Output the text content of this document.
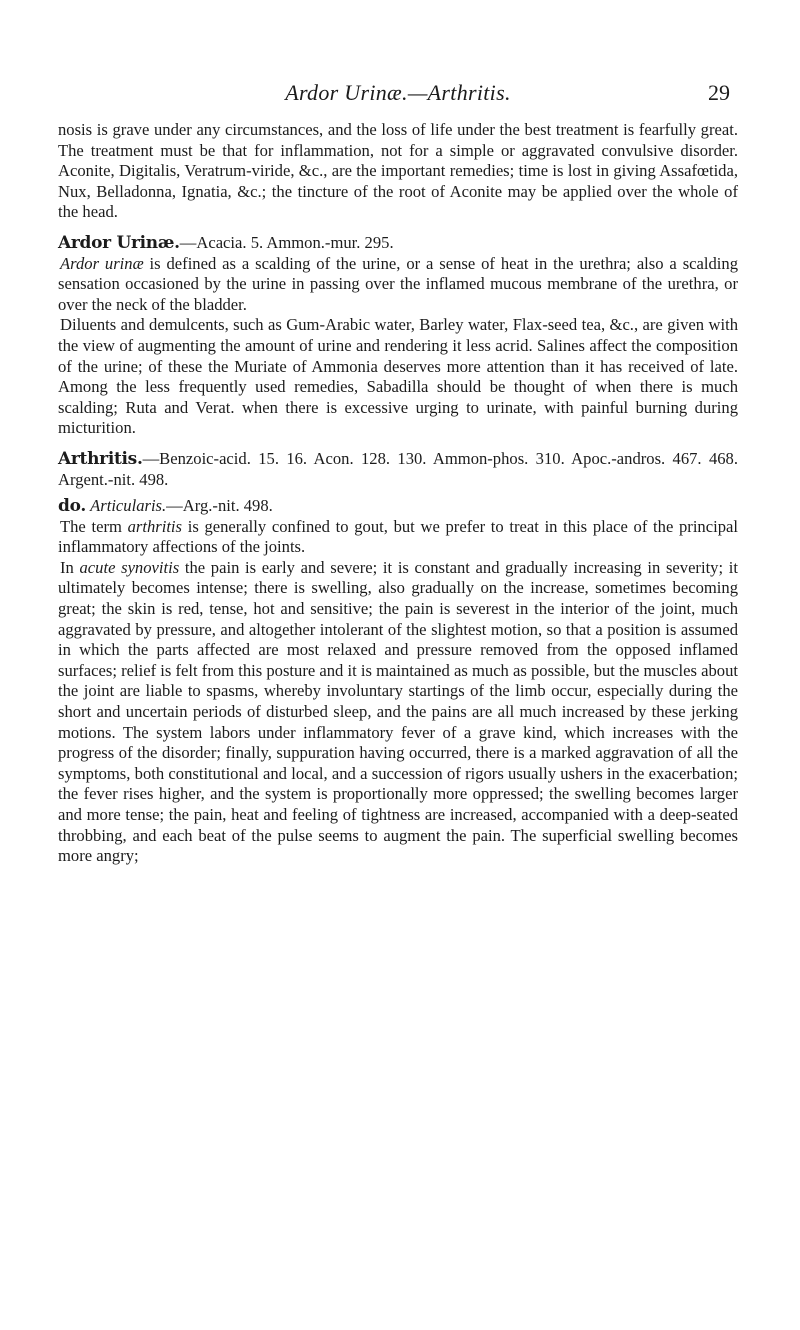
Ardor Urinæ.—Arthritis.	29

nosis is grave under any circumstances, and the loss of life under the best treatment is fearfully great. The treatment must be that for inflammation, not for a simple or aggravated convulsive disorder. Aconite, Digitalis, Veratrum-viride, &c., are the important remedies; time is lost in giving Assafœtida, Nux, Belladonna, Ignatia, &c.; the tincture of the root of Aconite may be applied over the whole of the head.

Ardor Urinæ.—Acacia. 5. Ammon.-mur. 295.

Ardor urinæ is defined as a scalding of the urine, or a sense of heat in the urethra; also a scalding sensation occasioned by the urine in passing over the inflamed mucous membrane of the urethra, or over the neck of the bladder.

Diluents and demulcents, such as Gum-Arabic water, Barley water, Flax-seed tea, &c., are given with the view of augmenting the amount of urine and rendering it less acrid. Salines affect the composition of the urine; of these the Muriate of Ammonia deserves more attention than it has received of late. Among the less frequently used remedies, Sabadilla should be thought of when there is much scalding; Ruta and Verat. when there is excessive urging to urinate, with painful burning during micturition.

Arthritis.—Benzoic-acid. 15. 16. Acon. 128. 130. Ammon-phos. 310. Apoc.-andros. 467. 468. Argent.-nit. 498.

do. Articularis.—Arg.-nit. 498.

The term arthritis is generally confined to gout, but we prefer to treat in this place of the principal inflammatory affections of the joints.

In acute synovitis the pain is early and severe; it is constant and gradually increasing in severity; it ultimately becomes intense; there is swelling, also gradually on the increase, sometimes becoming great; the skin is red, tense, hot and sensitive; the pain is severest in the interior of the joint, much aggravated by pressure, and altogether intolerant of the slightest motion, so that a position is assumed in which the parts affected are most relaxed and pressure removed from the opposed inflamed surfaces; relief is felt from this posture and it is maintained as much as possible, but the muscles about the joint are liable to spasms, whereby involuntary startings of the limb occur, especially during the short and uncertain periods of disturbed sleep, and the pains are all much increased by these jerking motions. The system labors under inflammatory fever of a grave kind, which increases with the progress of the disorder; finally, suppuration having occurred, there is a marked aggravation of all the symptoms, both constitutional and local, and a succession of rigors usually ushers in the exacerbation; the fever rises higher, and the system is proportionally more oppressed; the swelling becomes larger and more tense; the pain, heat and feeling of tightness are increased, accompanied with a deep-seated throbbing, and each beat of the pulse seems to augment the pain. The superficial swelling becomes more angry;
